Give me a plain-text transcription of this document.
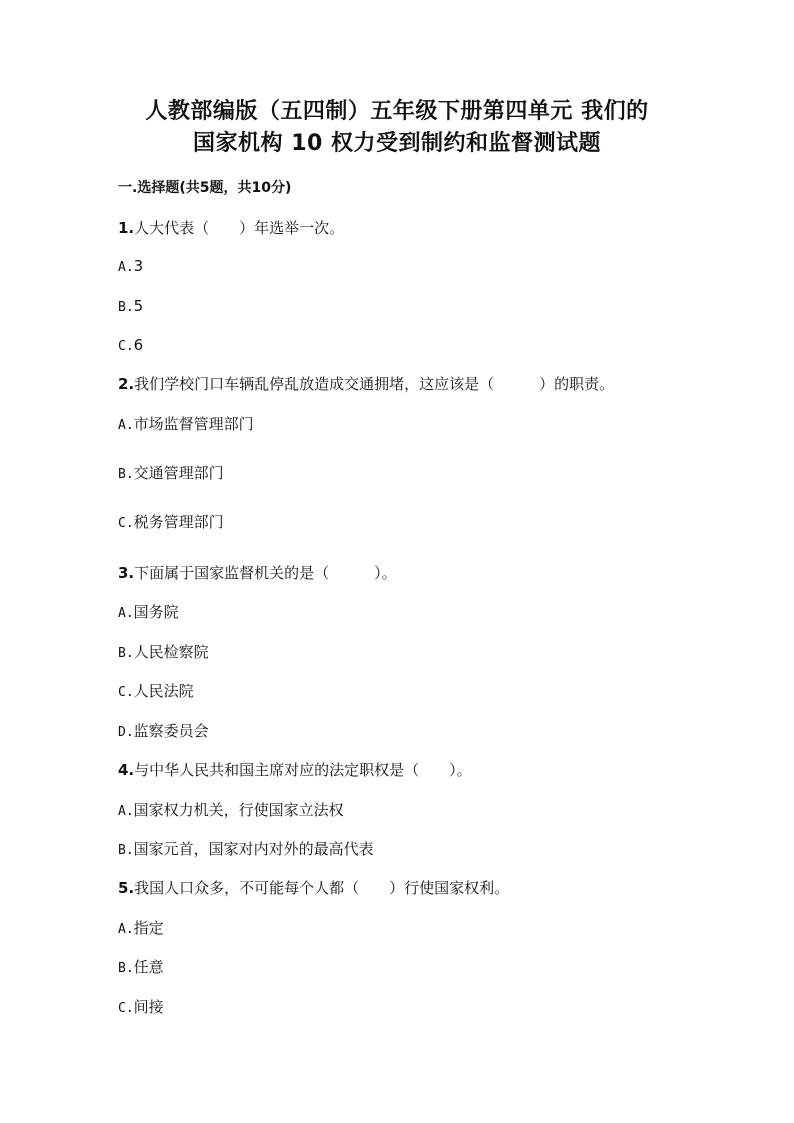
人教部编版（五四制）五年级下册第四单元 我们的
国家机构 10 权力受到制约和监督测试题
一.选择题(共5题，共10分)
1.人大代表（　　）年选举一次。
A.3
B.5
C.6
2.我们学校门口车辆乱停乱放造成交通拥堵，这应该是（　　　）的职责。
A.市场监督管理部门
B.交通管理部门
C.税务管理部门
3.下面属于国家监督机关的是（　　　）。
A.国务院
B.人民检察院
C.人民法院
D.监察委员会
4.与中华人民共和国主席对应的法定职权是（　　）。
A.国家权力机关，行使国家立法权
B.国家元首，国家对内对外的最高代表
5.我国人口众多，不可能每个人都（　　）行使国家权利。
A.指定
B.任意
C.间接
